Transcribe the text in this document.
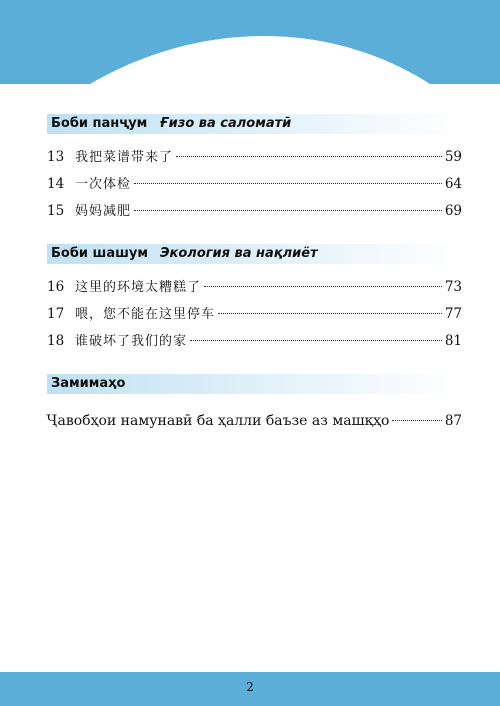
Боби панҷум Ғизо ва саломатӣ
13 我把菜谱带来了	59
14 一次体检	64
15 妈妈减肥	69
Боби шашум Экология ва нақлиёт
16 这里的环境太糟糕了	73
17 喂，您不能在这里停车	77
18 谁破坏了我们的家	81
Замимаҳо
Ҷавобҳои намунавӣ ба ҳалли баъзе аз машқҳо	87
2
